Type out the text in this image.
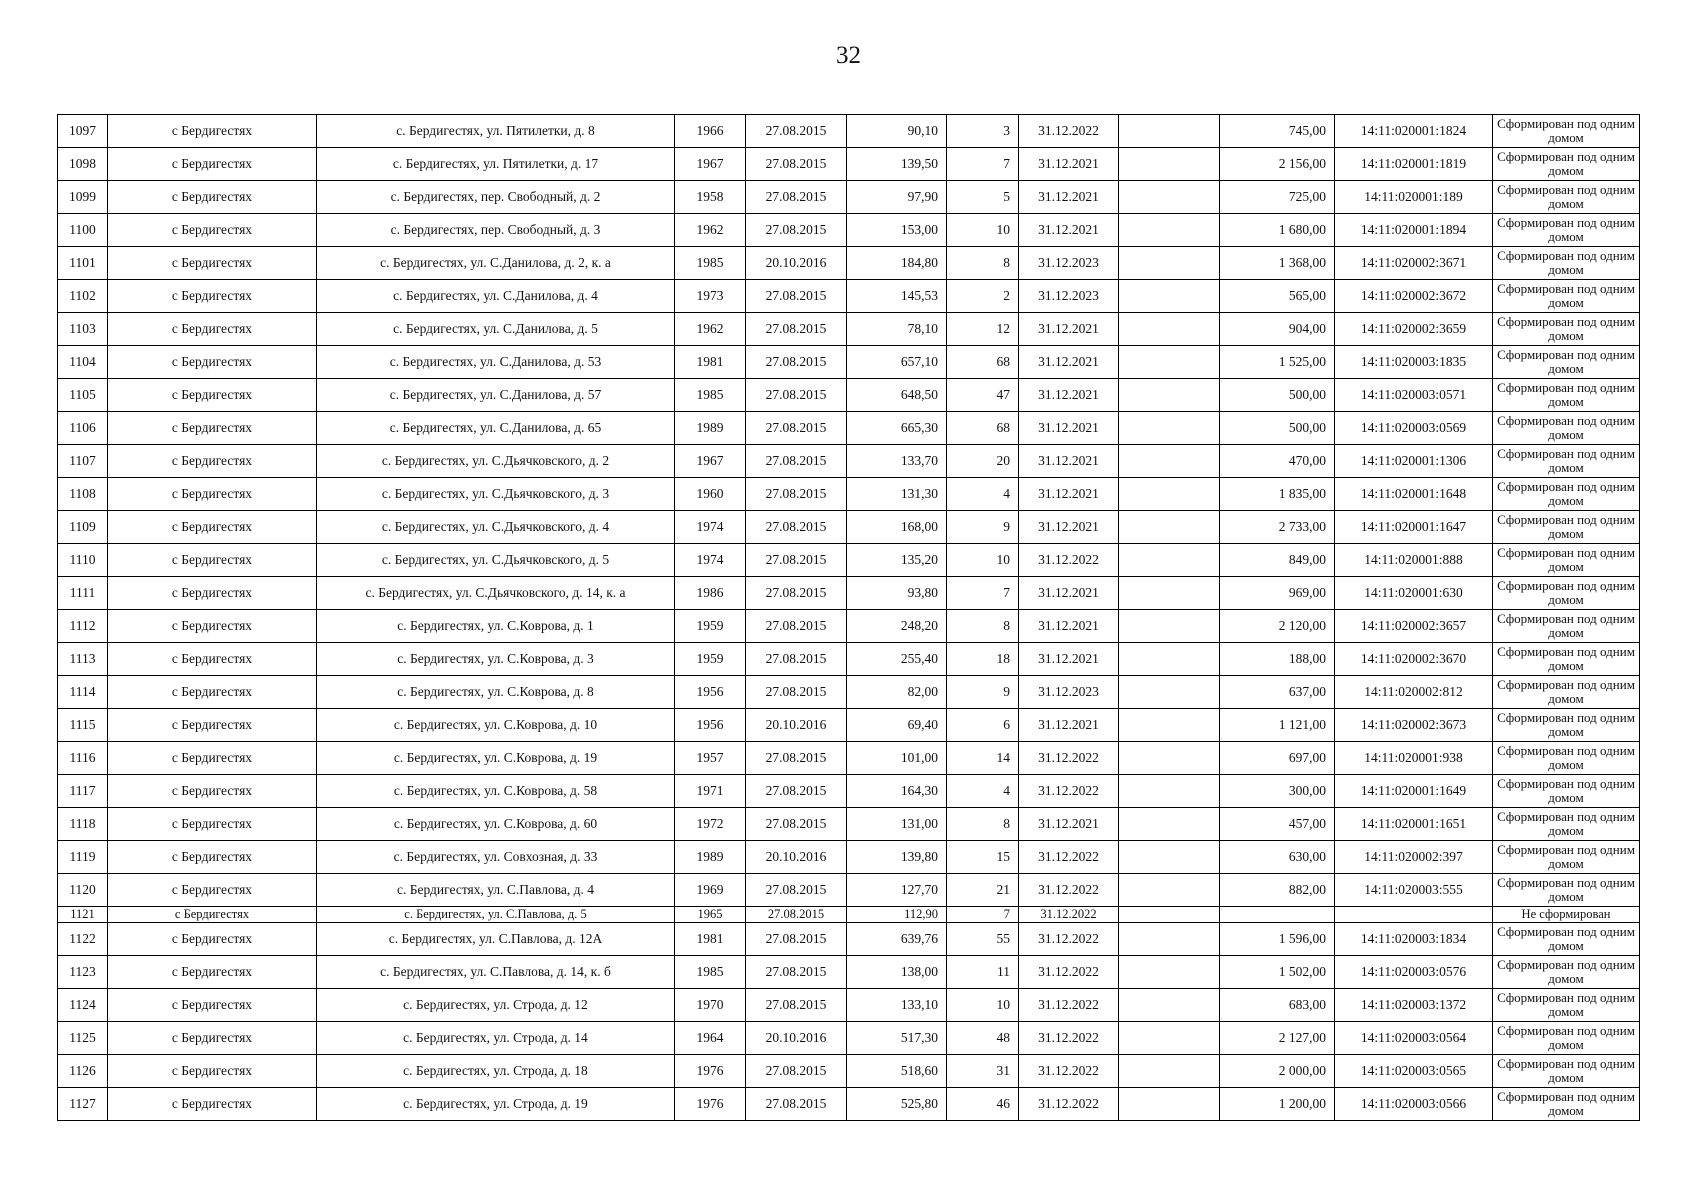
32
1097	с Бердигестях	с. Бердигестях, ул. Пятилетки, д. 8	1966	27.08.2015	90,10	3	31.12.2022		745,00	14:11:020001:1824	Сформирован под одним домом
1098	с Бердигестях	с. Бердигестях, ул. Пятилетки, д. 17	1967	27.08.2015	139,50	7	31.12.2021		2 156,00	14:11:020001:1819	Сформирован под одним домом
1099	с Бердигестях	с. Бердигестях, пер. Свободный, д. 2	1958	27.08.2015	97,90	5	31.12.2021		725,00	14:11:020001:189	Сформирован под одним домом
1100	с Бердигестях	с. Бердигестях, пер. Свободный, д. 3	1962	27.08.2015	153,00	10	31.12.2021		1 680,00	14:11:020001:1894	Сформирован под одним домом
1101	с Бердигестях	с. Бердигестях, ул. С.Данилова, д. 2, к. а	1985	20.10.2016	184,80	8	31.12.2023		1 368,00	14:11:020002:3671	Сформирован под одним домом
1102	с Бердигестях	с. Бердигестях, ул. С.Данилова, д. 4	1973	27.08.2015	145,53	2	31.12.2023		565,00	14:11:020002:3672	Сформирован под одним домом
1103	с Бердигестях	с. Бердигестях, ул. С.Данилова, д. 5	1962	27.08.2015	78,10	12	31.12.2021		904,00	14:11:020002:3659	Сформирован под одним домом
1104	с Бердигестях	с. Бердигестях, ул. С.Данилова, д. 53	1981	27.08.2015	657,10	68	31.12.2021		1 525,00	14:11:020003:1835	Сформирован под одним домом
1105	с Бердигестях	с. Бердигестях, ул. С.Данилова, д. 57	1985	27.08.2015	648,50	47	31.12.2021		500,00	14:11:020003:0571	Сформирован под одним домом
1106	с Бердигестях	с. Бердигестях, ул. С.Данилова, д. 65	1989	27.08.2015	665,30	68	31.12.2021		500,00	14:11:020003:0569	Сформирован под одним домом
1107	с Бердигестях	с. Бердигестях, ул. С.Дьячковского, д. 2	1967	27.08.2015	133,70	20	31.12.2021		470,00	14:11:020001:1306	Сформирован под одним домом
1108	с Бердигестях	с. Бердигестях, ул. С.Дьячковского, д. 3	1960	27.08.2015	131,30	4	31.12.2021		1 835,00	14:11:020001:1648	Сформирован под одним домом
1109	с Бердигестях	с. Бердигестях, ул. С.Дьячковского, д. 4	1974	27.08.2015	168,00	9	31.12.2021		2 733,00	14:11:020001:1647	Сформирован под одним домом
1110	с Бердигестях	с. Бердигестях, ул. С.Дьячковского, д. 5	1974	27.08.2015	135,20	10	31.12.2022		849,00	14:11:020001:888	Сформирован под одним домом
1111	с Бердигестях	с. Бердигестях, ул. С.Дьячковского, д. 14, к. а	1986	27.08.2015	93,80	7	31.12.2021		969,00	14:11:020001:630	Сформирован под одним домом
1112	с Бердигестях	с. Бердигестях, ул. С.Коврова, д. 1	1959	27.08.2015	248,20	8	31.12.2021		2 120,00	14:11:020002:3657	Сформирован под одним домом
1113	с Бердигестях	с. Бердигестях, ул. С.Коврова, д. 3	1959	27.08.2015	255,40	18	31.12.2021		188,00	14:11:020002:3670	Сформирован под одним домом
1114	с Бердигестях	с. Бердигестях, ул. С.Коврова, д. 8	1956	27.08.2015	82,00	9	31.12.2023		637,00	14:11:020002:812	Сформирован под одним домом
1115	с Бердигестях	с. Бердигестях, ул. С.Коврова, д. 10	1956	20.10.2016	69,40	6	31.12.2021		1 121,00	14:11:020002:3673	Сформирован под одним домом
1116	с Бердигестях	с. Бердигестях, ул. С.Коврова, д. 19	1957	27.08.2015	101,00	14	31.12.2022		697,00	14:11:020001:938	Сформирован под одним домом
1117	с Бердигестях	с. Бердигестях, ул. С.Коврова, д. 58	1971	27.08.2015	164,30	4	31.12.2022		300,00	14:11:020001:1649	Сформирован под одним домом
1118	с Бердигестях	с. Бердигестях, ул. С.Коврова, д. 60	1972	27.08.2015	131,00	8	31.12.2021		457,00	14:11:020001:1651	Сформирован под одним домом
1119	с Бердигестях	с. Бердигестях, ул. Совхозная, д. 33	1989	20.10.2016	139,80	15	31.12.2022		630,00	14:11:020002:397	Сформирован под одним домом
1120	с Бердигестях	с. Бердигестях, ул. С.Павлова, д. 4	1969	27.08.2015	127,70	21	31.12.2022		882,00	14:11:020003:555	Сформирован под одним домом
1121	с Бердигестях	с. Бердигестях, ул. С.Павлова, д. 5	1965	27.08.2015	112,90	7	31.12.2022				Не сформирован
1122	с Бердигестях	с. Бердигестях, ул. С.Павлова, д. 12А	1981	27.08.2015	639,76	55	31.12.2022		1 596,00	14:11:020003:1834	Сформирован под одним домом
1123	с Бердигестях	с. Бердигестях, ул. С.Павлова, д. 14, к. б	1985	27.08.2015	138,00	11	31.12.2022		1 502,00	14:11:020003:0576	Сформирован под одним домом
1124	с Бердигестях	с. Бердигестях, ул. Строда, д. 12	1970	27.08.2015	133,10	10	31.12.2022		683,00	14:11:020003:1372	Сформирован под одним домом
1125	с Бердигестях	с. Бердигестях, ул. Строда, д. 14	1964	20.10.2016	517,30	48	31.12.2022		2 127,00	14:11:020003:0564	Сформирован под одним домом
1126	с Бердигестях	с. Бердигестях, ул. Строда, д. 18	1976	27.08.2015	518,60	31	31.12.2022		2 000,00	14:11:020003:0565	Сформирован под одним домом
1127	с Бердигестях	с. Бердигестях, ул. Строда, д. 19	1976	27.08.2015	525,80	46	31.12.2022		1 200,00	14:11:020003:0566	Сформирован под одним домом
